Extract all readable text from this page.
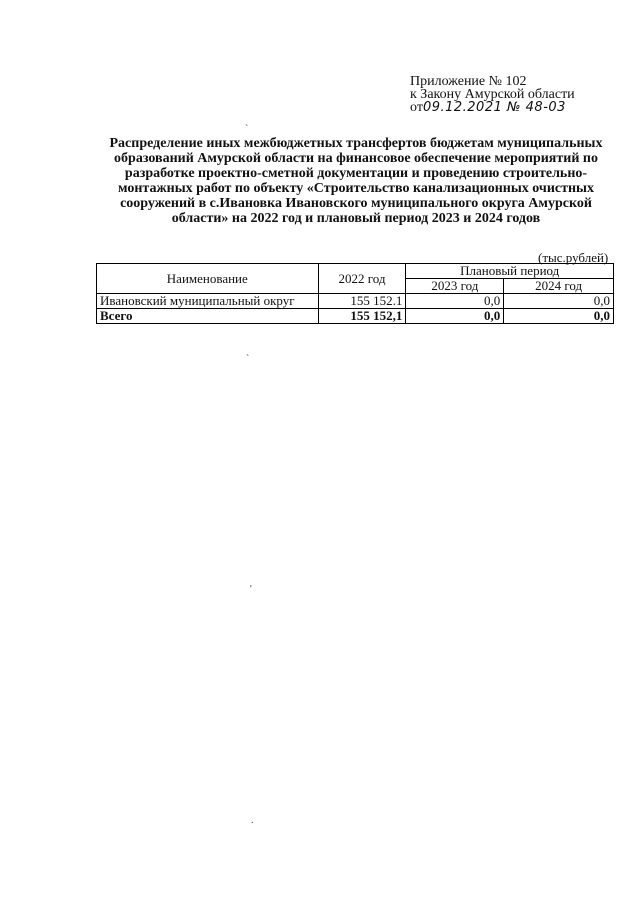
Приложение № 102
к Закону Амурской области
от09.12.2021 № 48-03
Распределение иных межбюджетных трансфертов бюджетам муниципальных образований Амурской области на финансовое обеспечение мероприятий по разработке проектно-сметной документации и проведению строительно-монтажных работ по объекту «Строительство канализационных очистных сооружений в с.Ивановка Ивановского муниципального округа Амурской области» на 2022 год и плановый период 2023 и 2024 годов
(тыс.рублей)
Наименование	2022 год	Плановый период	
		2023 год	2024 год
Ивановский муниципальный округ	155 152.1	0,0	0,0
Всего	155 152,1	0,0	0,0
`
`
'
.
